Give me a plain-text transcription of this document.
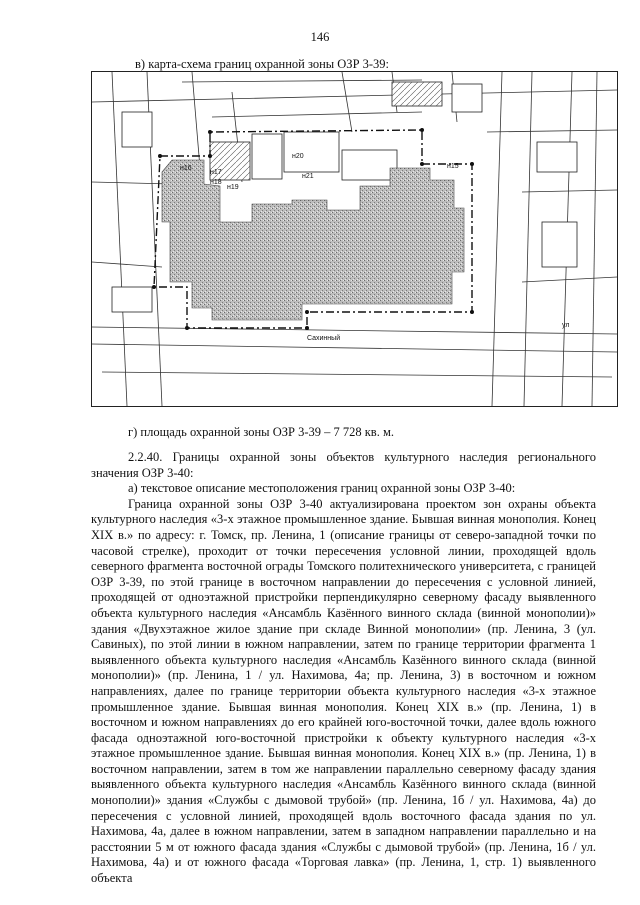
146
в) карта-схема границ охранной зоны ОЗР 3-39:
н17
н18
н19
н20
н21
н16	н15
Сахинный
ул
г) площадь охранной зоны ОЗР 3-39 – 7 728 кв. м.

2.2.40. Границы охранной зоны объектов культурного наследия регионального значения ОЗР 3-40:

а) текстовое описание местоположения границ охранной зоны ОЗР 3-40:

Граница охранной зоны ОЗР 3-40 актуализирована проектом зон охраны объекта культурного наследия «3-х этажное промышленное здание. Бывшая винная монополия. Конец XIX в.» по адресу: г. Томск, пр. Ленина, 1 (описание границы от северо-западной точки по часовой стрелке), проходит от точки пересечения условной линии, проходящей вдоль северного фрагмента восточной ограды Томского политехнического университета, с границей ОЗР 3-39, по этой границе в восточном направлении до пересечения с условной линией, проходящей от одноэтажной пристройки перпендикулярно северному фасаду выявленного объекта культурного наследия «Ансамбль Казённого винного склада (винной монополии)» здания «Двухэтажное жилое здание при складе Винной монополии» (пр. Ленина, 3 (ул. Савиных), по этой линии в южном направлении, затем по границе территории фрагмента 1 выявленного объекта культурного наследия «Ансамбль Казённого винного склада (винной монополии)» (пр. Ленина, 1 / ул. Нахимова, 4а; пр. Ленина, 3) в восточном и южном направлениях, далее по границе территории объекта культурного наследия «3-х этажное промышленное здание. Бывшая винная монополия. Конец XIX в.» (пр. Ленина, 1) в восточном и южном направлениях до его крайней юго-восточной точки, далее вдоль южного фасада одноэтажной юго-восточной пристройки к объекту культурного наследия «3-х этажное промышленное здание. Бывшая винная монополия. Конец XIX в.» (пр. Ленина, 1) в восточном направлении, затем в том же направлении параллельно северному фасаду здания выявленного объекта культурного наследия «Ансамбль Казённого винного склада (винной монополии)» здания «Службы с дымовой трубой» (пр. Ленина, 1б / ул. Нахимова, 4а) до пересечения с условной линией, проходящей вдоль восточного фасада здания по ул. Нахимова, 4а, далее в южном направлении, затем в западном направлении параллельно и на расстоянии 5 м от южного фасада здания «Службы с дымовой трубой» (пр. Ленина, 1б / ул. Нахимова, 4а) и от южного фасада «Торговая лавка» (пр. Ленина, 1, стр. 1) выявленного объекта
